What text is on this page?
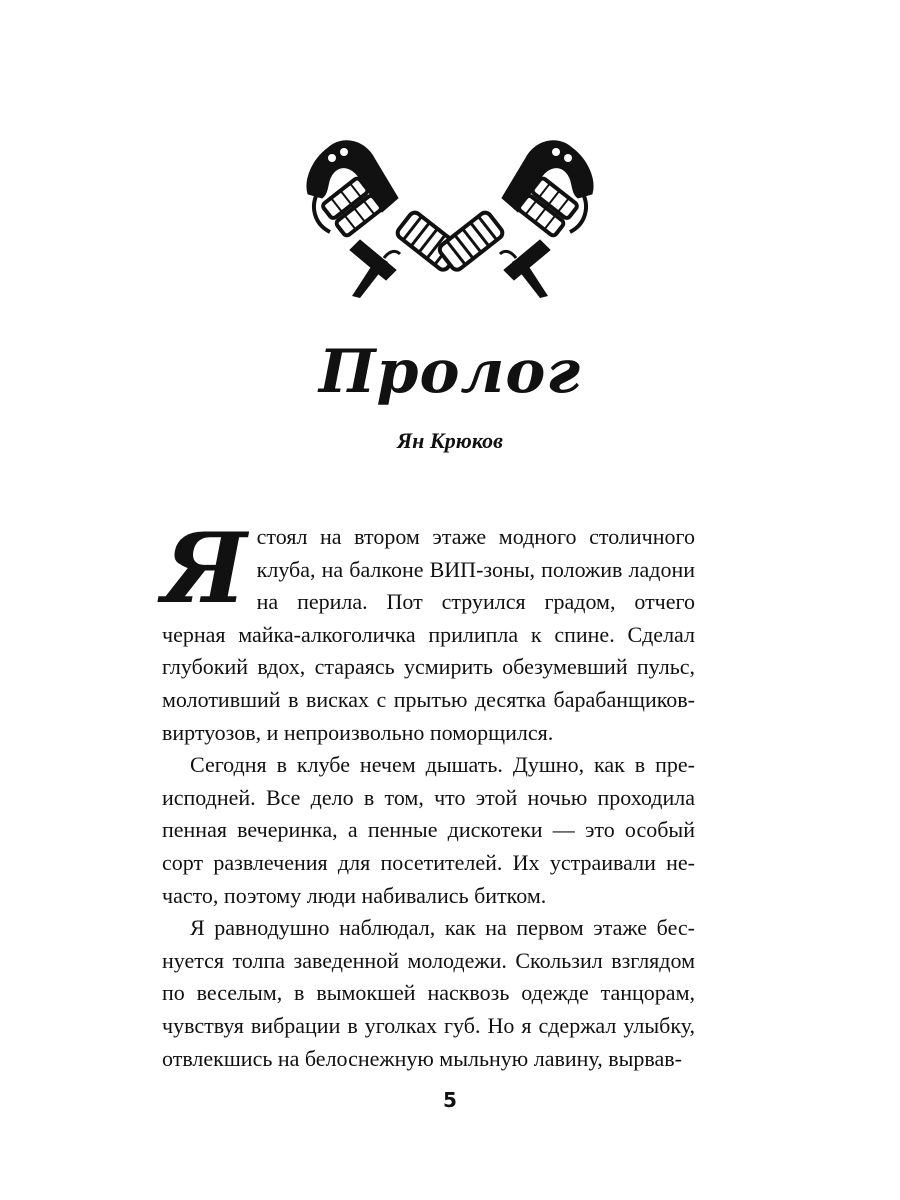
Пролог
Ян Крюков

Ястоял на втором этаже модного столичного клуба, на балконе ВИП-зоны, положив ладони на перила. Пот струился градом, отчего черная майка-алкоголичка прилипла к спине. Сделал глубокий вдох, стараясь усмирить обезумевший пульс, молотивший в висках с прытью десятка барабанщиков-виртуозов, и непроизвольно поморщился.

Сегодня в клубе нечем дышать. Душно, как в преисподней. Все дело в том, что этой ночью проходила пенная вечеринка, а пенные дискотеки — это особый сорт развлечения для посетителей. Их устраивали нечасто, поэтому люди набивались битком.

Я равнодушно наблюдал, как на первом этаже беснуется толпа заведенной молодежи. Скользил взглядом по веселым, в вымокшей насквозь одежде танцорам, чувствуя вибрации в уголках губ. Но я сдержал улыбку, отвлекшись на белоснежную мыльную лавину, вырвав-

5
